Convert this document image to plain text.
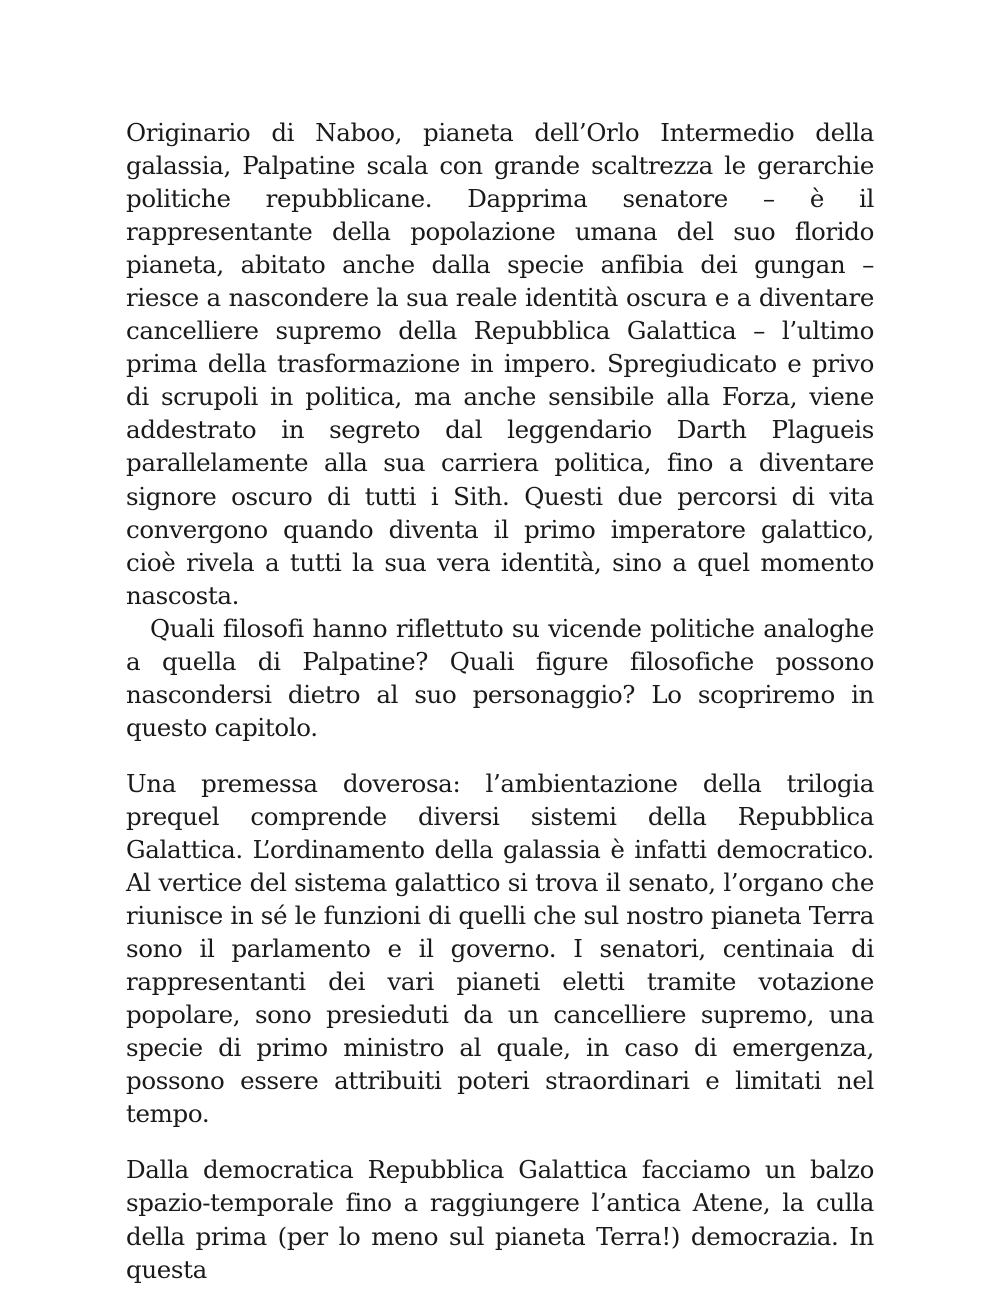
Originario di Naboo, pianeta dell’Orlo Intermedio della galassia, Palpatine scala con grande scaltrezza le gerarchie politiche repubblicane. Dapprima senatore – è il rappresentante della popolazione umana del suo florido pianeta, abitato anche dalla specie anfibia dei gungan – riesce a nascondere la sua reale identità oscura e a diventare cancelliere supremo della Repubblica Galattica – l’ultimo prima della trasformazione in impero. Spregiudicato e privo di scrupoli in politica, ma anche sensibile alla Forza, viene addestrato in segreto dal leggendario Darth Plagueis parallelamente alla sua carriera politica, fino a diventare signore oscuro di tutti i Sith. Questi due percorsi di vita convergono quando diventa il primo imperatore galattico, cioè rivela a tutti la sua vera identità, sino a quel momento nascosta.

Quali filosofi hanno riflettuto su vicende politiche analoghe a quella di Palpatine? Quali figure filosofiche possono nascondersi dietro al suo personaggio? Lo scopriremo in questo capitolo.

Una premessa doverosa: l’ambientazione della trilogia prequel comprende diversi sistemi della Repubblica Galattica. L’ordinamento della galassia è infatti democratico. Al vertice del sistema galattico si trova il senato, l’organo che riunisce in sé le funzioni di quelli che sul nostro pianeta Terra sono il parlamento e il governo. I senatori, centinaia di rappresentanti dei vari pianeti eletti tramite votazione popolare, sono presieduti da un cancelliere supremo, una specie di primo ministro al quale, in caso di emergenza, possono essere attribuiti poteri straordinari e limitati nel tempo.

Dalla democratica Repubblica Galattica facciamo un balzo spazio-temporale fino a raggiungere l’antica Atene, la culla della prima (per lo meno sul pianeta Terra!) democrazia. In questa
